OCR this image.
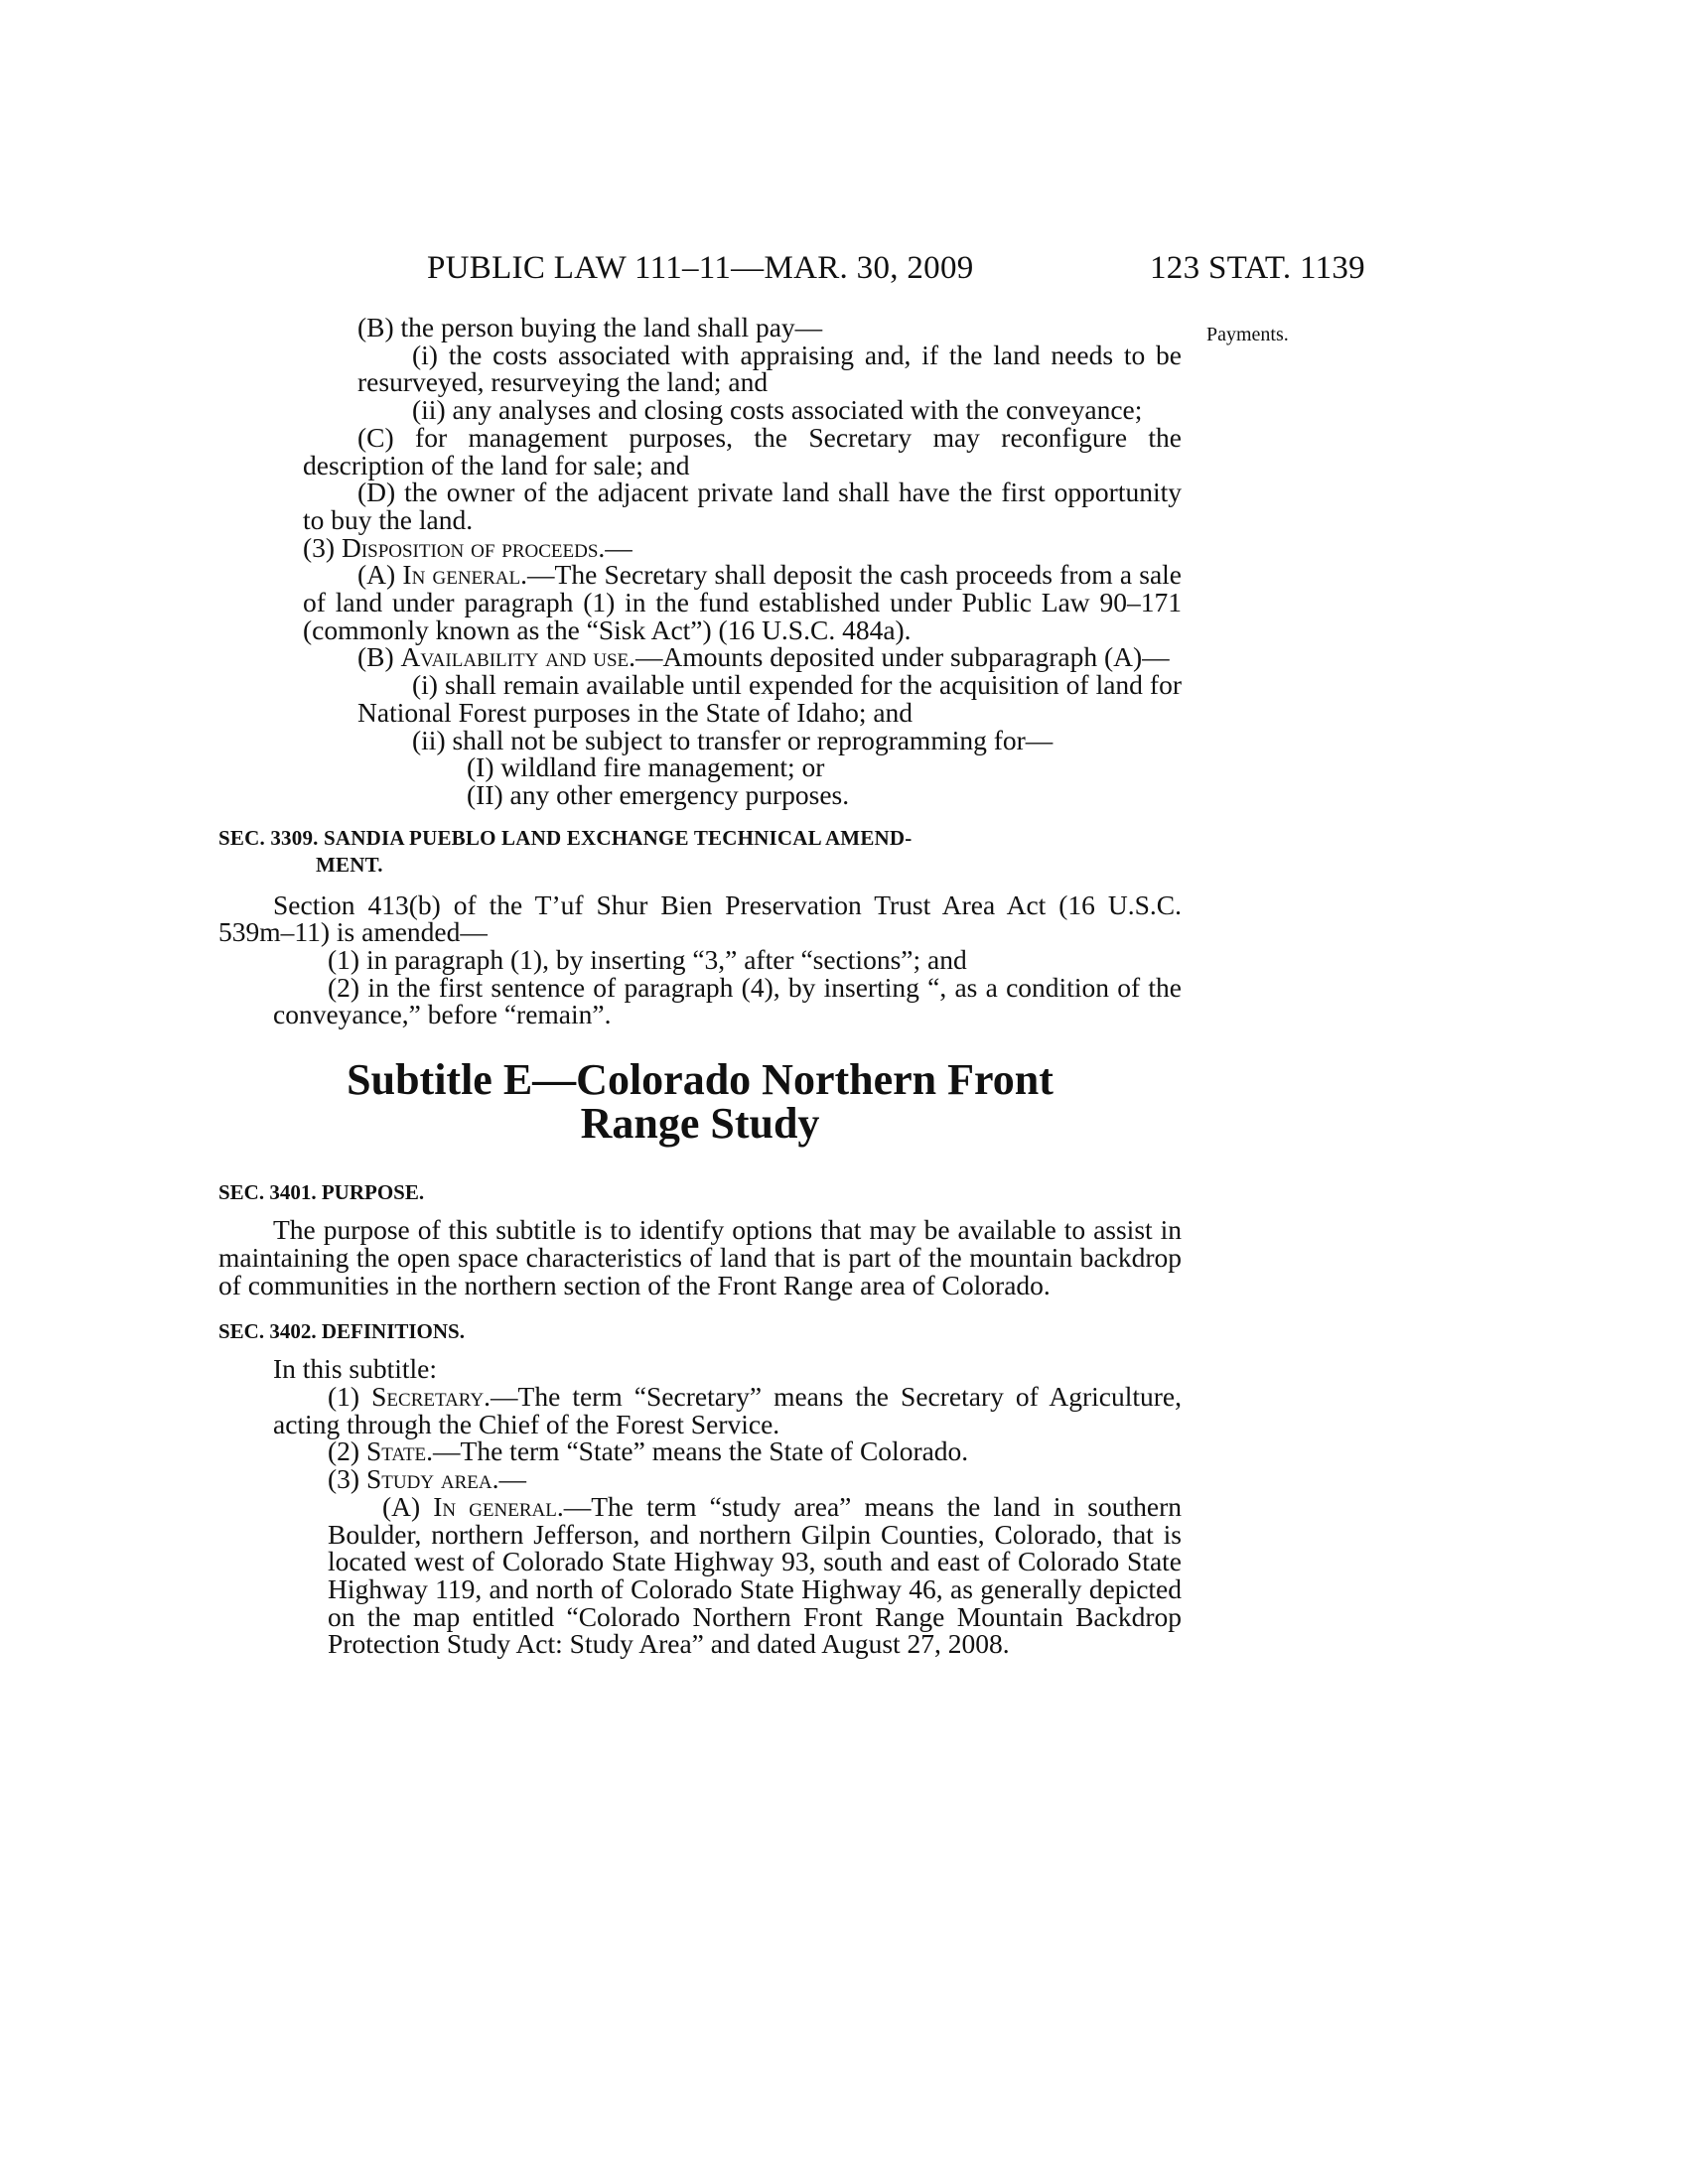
PUBLIC LAW 111–11—MAR. 30, 2009	123 STAT. 1139
Payments.

(B) the person buying the land shall pay—

(i) the costs associated with appraising and, if the land needs to be resurveyed, resurveying the land; and

(ii) any analyses and closing costs associated with the conveyance;

(C) for management purposes, the Secretary may reconfigure the description of the land for sale; and

(D) the owner of the adjacent private land shall have the first opportunity to buy the land.

(3) Disposition of proceeds.—

(A) In general.—The Secretary shall deposit the cash proceeds from a sale of land under paragraph (1) in the fund established under Public Law 90–171 (commonly known as the “Sisk Act”) (16 U.S.C. 484a).

(B) Availability and use.—Amounts deposited under subparagraph (A)—

(i) shall remain available until expended for the acquisition of land for National Forest purposes in the State of Idaho; and

(ii) shall not be subject to transfer or reprogramming for—

(I) wildland fire management; or

(II) any other emergency purposes.

SEC. 3309. SANDIA PUEBLO LAND EXCHANGE TECHNICAL AMEND-
MENT.

Section 413(b) of the T’uf Shur Bien Preservation Trust Area Act (16 U.S.C. 539m–11) is amended—

(1) in paragraph (1), by inserting “3,” after “sections”; and

(2) in the first sentence of paragraph (4), by inserting “, as a condition of the conveyance,” before “remain”.

Subtitle E—Colorado Northern Front
Range Study
SEC. 3401. PURPOSE.

The purpose of this subtitle is to identify options that may be available to assist in maintaining the open space characteristics of land that is part of the mountain backdrop of communities in the northern section of the Front Range area of Colorado.

SEC. 3402. DEFINITIONS.

In this subtitle:

(1) Secretary.—The term “Secretary” means the Secretary of Agriculture, acting through the Chief of the Forest Service.

(2) State.—The term “State” means the State of Colorado.

(3) Study area.—

(A) In general.—The term “study area” means the land in southern Boulder, northern Jefferson, and northern Gilpin Counties, Colorado, that is located west of Colorado State Highway 93, south and east of Colorado State Highway 119, and north of Colorado State Highway 46, as generally depicted on the map entitled “Colorado Northern Front Range Mountain Backdrop Protection Study Act: Study Area” and dated August 27, 2008.
